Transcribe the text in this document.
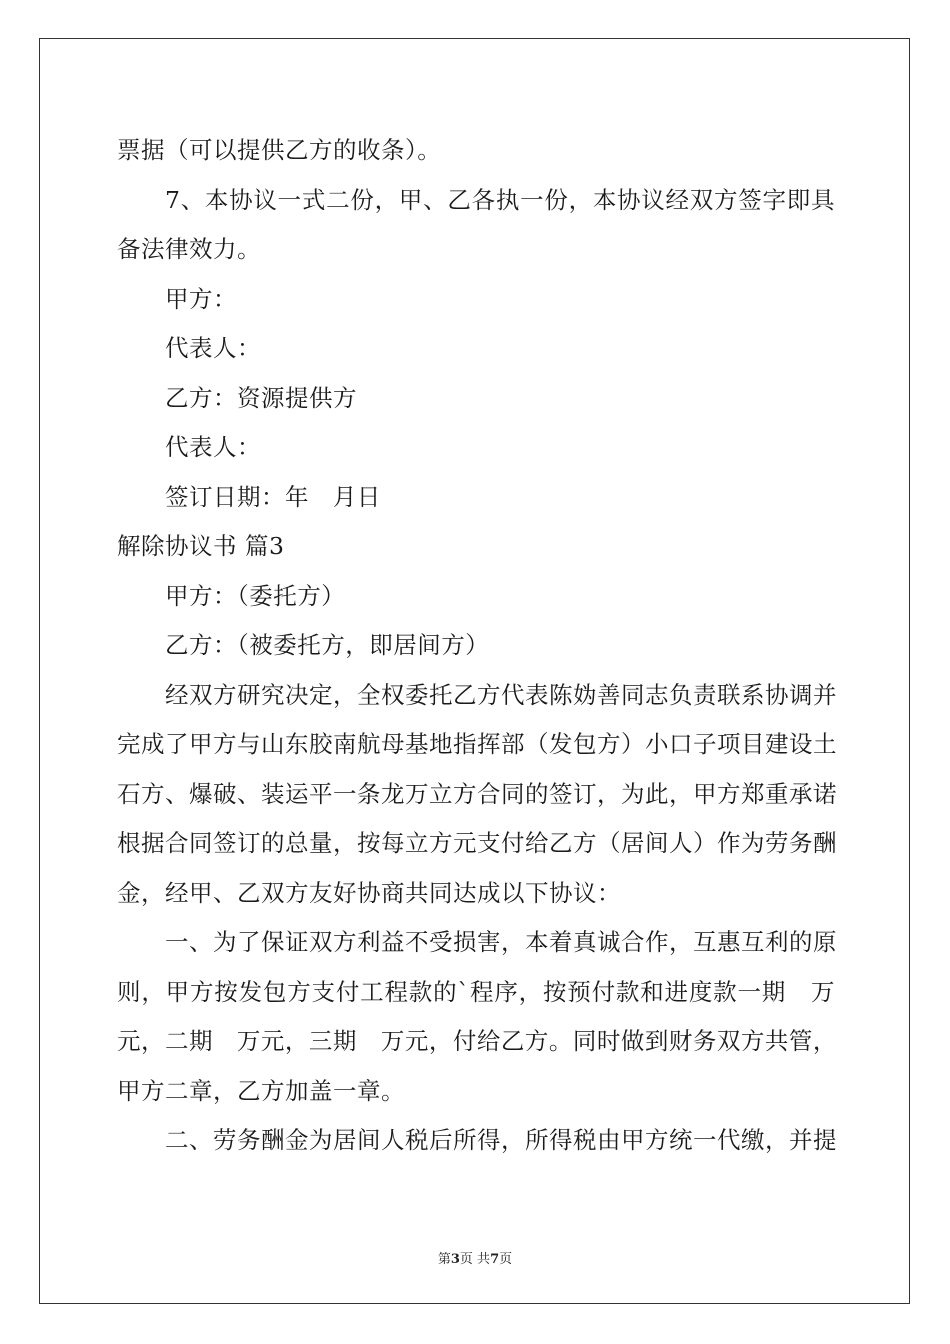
票据（可以提供乙方的收条）。
7、本协议一式二份，甲、乙各执一份，本协议经双方签字即具
备法律效力。
甲方：
代表人：
乙方：资源提供方
代表人：
签订日期：年   月日
解除协议书 篇3
甲方：（委托方）
乙方：（被委托方，即居间方）
经双方研究决定，全权委托乙方代表陈妫善同志负责联系协调并
完成了甲方与山东胶南航母基地指挥部（发包方）小口子项目建设土
石方、爆破、装运平一条龙万立方合同的签订，为此，甲方郑重承诺
根据合同签订的总量，按每立方元支付给乙方（居间人）作为劳务酬
金，经甲、乙双方友好协商共同达成以下协议：
一、为了保证双方利益不受损害，本着真诚合作，互惠互利的原
则，甲方按发包方支付工程款的`程序，按预付款和进度款一期   万
元，二期   万元，三期   万元，付给乙方。同时做到财务双方共管，
甲方二章，乙方加盖一章。
二、劳务酬金为居间人税后所得，所得税由甲方统一代缴，并提
第3页 共7页
